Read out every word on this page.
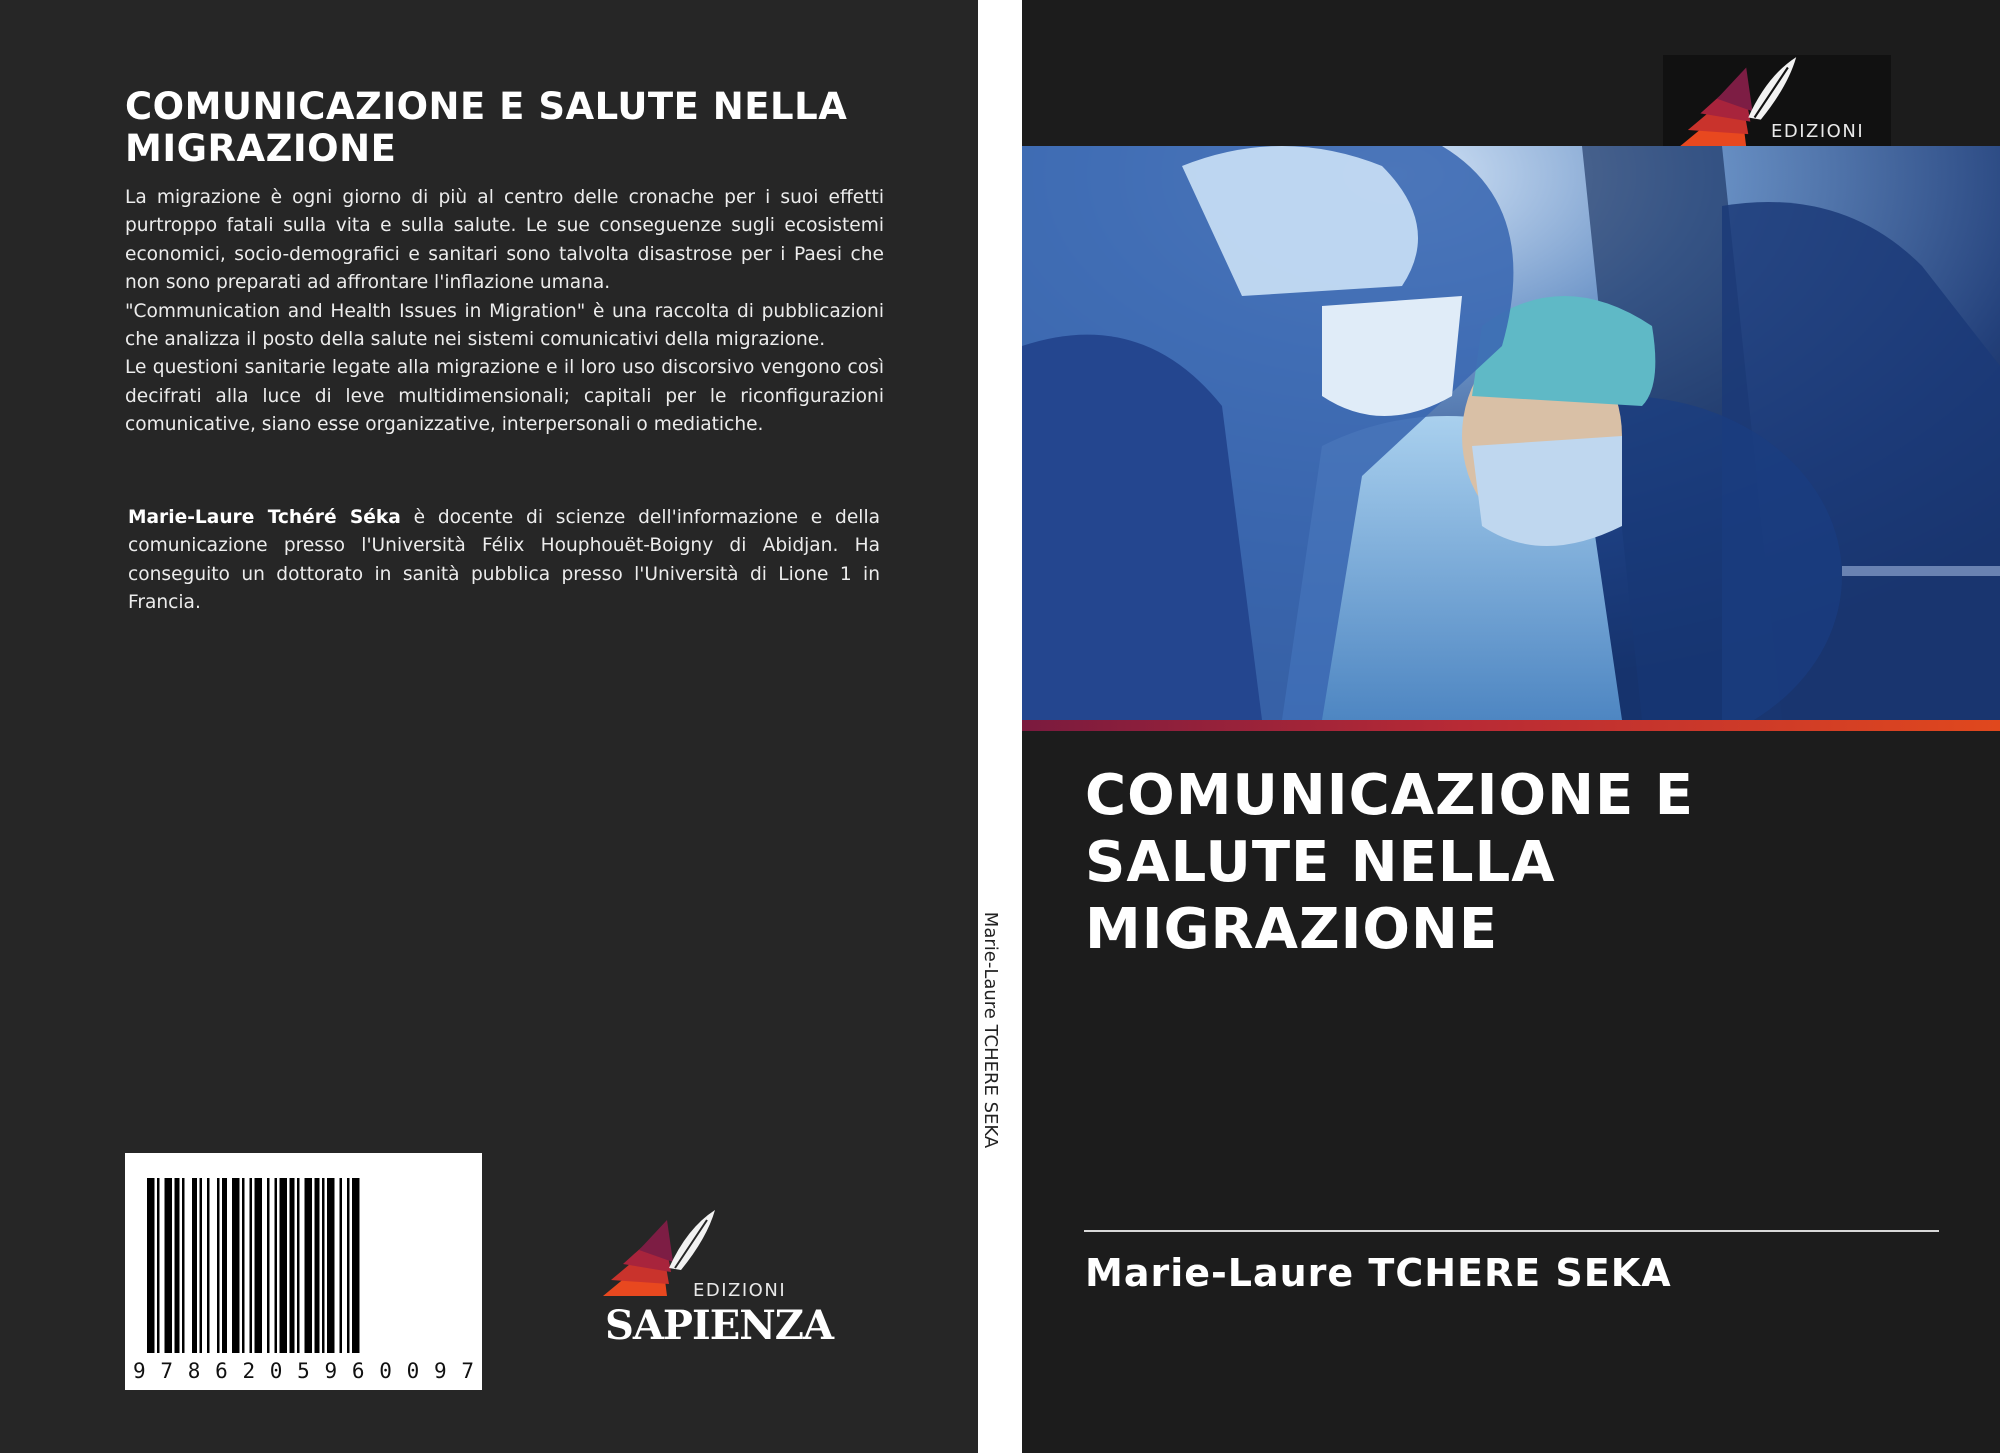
COMUNICAZIONE E SALUTE NELLA MIGRAZIONE

La migrazione è ogni giorno di più al centro delle cronache per i suoi effetti purtroppo fatali sulla vita e sulla salute. Le sue conseguenze sugli ecosistemi economici, socio-demografici e sanitari sono talvolta disastrose per i Paesi che non sono preparati ad affrontare l'inflazione umana.

"Communication and Health Issues in Migration" è una raccolta di pubblicazioni che analizza il posto della salute nei sistemi comunicativi della migrazione.

Le questioni sanitarie legate alla migrazione e il loro uso discorsivo vengono così decifrati alla luce di leve multidimensionali; capitali per le riconfigurazioni comunicative, siano esse organizzative, interpersonali o mediatiche.

Marie-Laure Tchéré Séka è docente di scienze dell'informazione e della comunicazione presso l'Università Félix Houphouët-Boigny di Abidjan. Ha conseguito un dottorato in sanità pubblica presso l'Università di Lione 1 in Francia.

9 7 8 6 2 0 5 9 6 0 0 9 7
EDIZIONI
SAPIENZA
Marie-Laure TCHERE SEKA
EDIZIONI
COMUNICAZIONE E SALUTE NELLA MIGRAZIONE
Marie-Laure TCHERE SEKA
